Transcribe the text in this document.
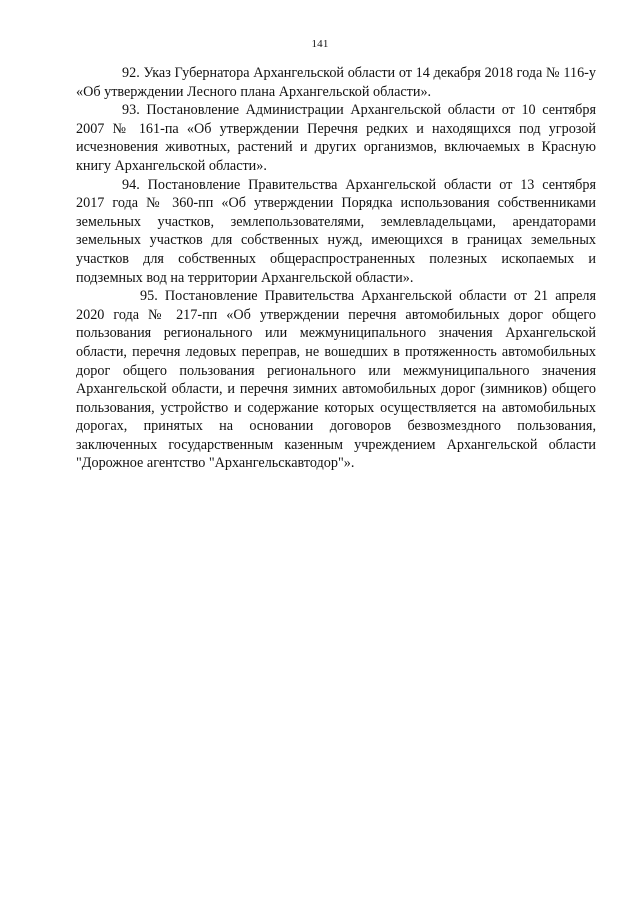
141

92. Указ Губернатора Архангельской области от 14 декабря 2018 года № 116-у «Об утверждении Лесного плана Архангельской области».

93. Постановление Администрации Архангельской области от 10 сентября 2007 № 161-па «Об утверждении Перечня редких и находящихся под угрозой исчезновения животных, растений и других организмов, включаемых в Красную книгу Архангельской области».

94. Постановление Правительства Архангельской области от 13 сентября 2017 года № 360-пп «Об утверждении Порядка использования собственниками земельных участков, землепользователями, землевладельцами, арендаторами земельных участков для собственных нужд, имеющихся в границах земельных участков для собственных общераспространенных полезных ископаемых и подземных вод на территории Архангельской области».

95. Постановление Правительства Архангельской области от 21 апреля 2020 года № 217-пп «Об утверждении перечня автомобильных дорог общего пользования регионального или межмуниципального значения Архангельской области, перечня ледовых переправ, не вошедших в протяженность автомобильных дорог общего пользования регионального или межмуниципального значения Архангельской области, и перечня зимних автомобильных дорог (зимников) общего пользования, устройство и содержание которых осуществляется на автомобильных дорогах, принятых на основании договоров безвозмездного пользования, заключенных государственным казенным учреждением Архангельской области "Дорожное агентство "Архангельскавтодор"».
